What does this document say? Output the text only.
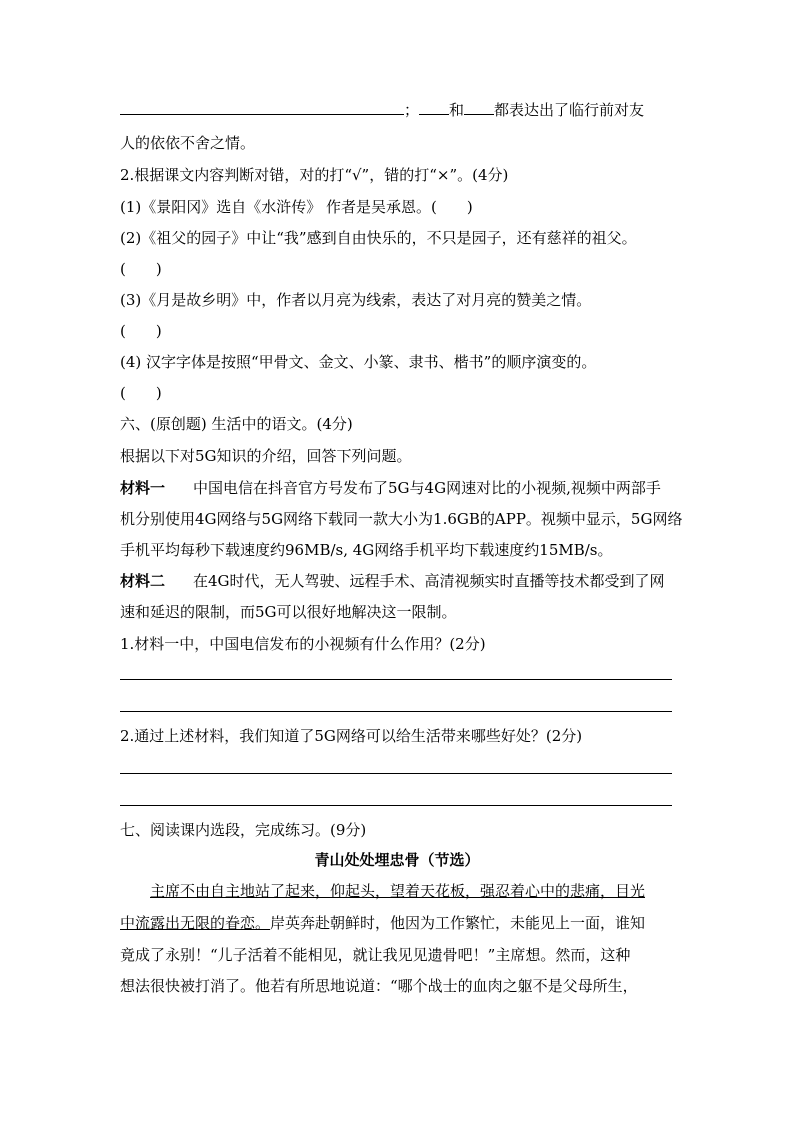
； 和 都表达出了临行前对友
人的依依不舍之情。
2.根据课文内容判断对错，对的打“√”，错的打“×”。(4分)
(1)《景阳冈》选自《水浒传》 作者是吴承恩。(　　)
(2)《祖父的园子》中让“我”感到自由快乐的，不只是园子，还有慈祥的祖父。
(　　)
(3)《月是故乡明》中，作者以月亮为线索，表达了对月亮的赞美之情。
(　　)
(4) 汉字字体是按照“甲骨文、金文、小篆、隶书、楷书”的顺序演变的。
(　　)
六、(原创题) 生活中的语文。(4分)
根据以下对5G知识的介绍，回答下列问题。
材料一 中国电信在抖音官方号发布了5G与4G网速对比的小视频,视频中两部手
机分别使用4G网络与5G网络下载同一款大小为1.6GB的APP。视频中显示，5G网络
手机平均每秒下载速度约96MB/s, 4G网络手机平均下载速度约15MB/s。
材料二 在4G时代，无人驾驶、远程手术、高清视频实时直播等技术都受到了网
速和延迟的限制，而5G可以很好地解决这一限制。
1.材料一中，中国电信发布的小视频有什么作用？(2分)
2.通过上述材料，我们知道了5G网络可以给生活带来哪些好处？(2分)
七、阅读课内选段，完成练习。(9分)
青山处处埋忠骨（节选）
主席不由自主地站了起来，仰起头，望着天花板，强忍着心中的悲痛，目光
中流露出无限的眷恋。岸英奔赴朝鲜时，他因为工作繁忙，未能见上一面，谁知
竟成了永别！“儿子活着不能相见，就让我见见遗骨吧！”主席想。然而，这种
想法很快被打消了。他若有所思地说道：“哪个战士的血肉之躯不是父母所生，
